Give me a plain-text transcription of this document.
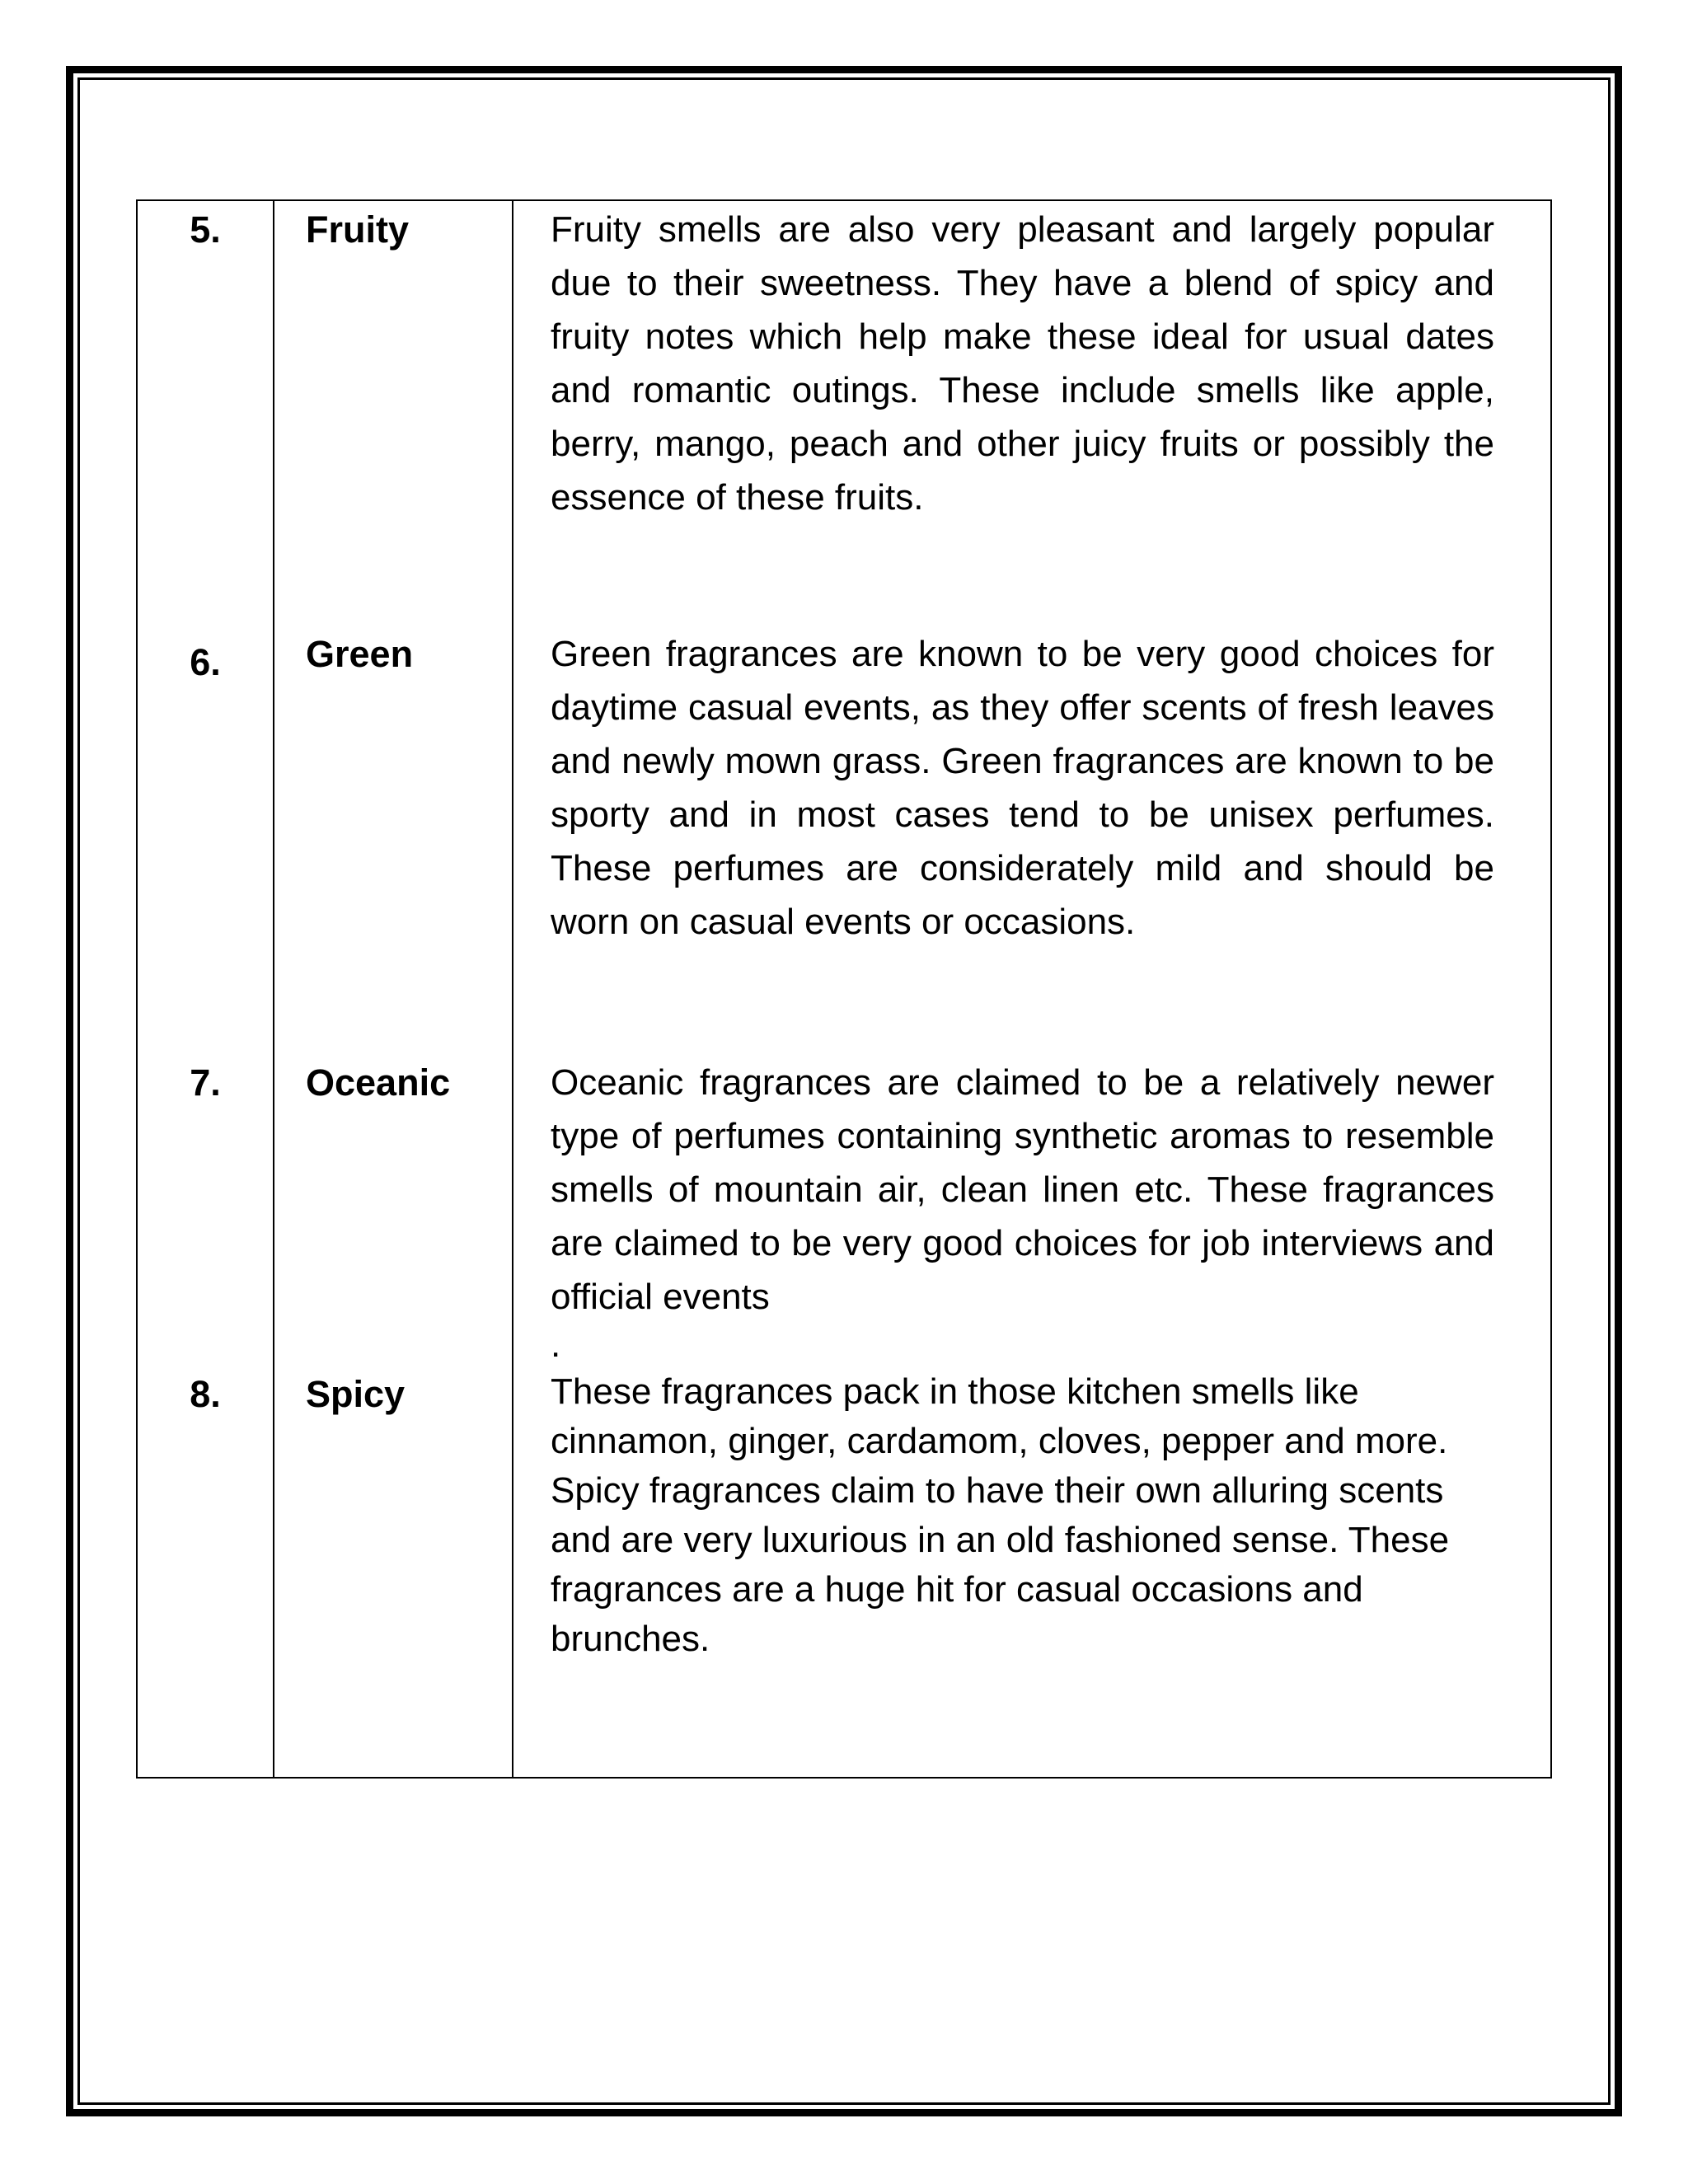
5.	Fruity	Fruity smells are also very pleasant and largely popular due to their sweetness. They have a blend of spicy and fruity notes which help make these ideal for usual dates and romantic outings. These include smells like apple, berry, mango, peach and other juicy fruits or possibly the essence of these fruits.

6.	Green	Green fragrances are known to be very good choices for daytime casual events, as they offer scents of fresh leaves and newly mown grass. Green fragrances are known to be sporty and in most cases tend to be unisex perfumes. These perfumes are considerately mild and should be worn on casual events or occasions.

7.	Oceanic	Oceanic fragrances are claimed to be a relatively newer type of perfumes containing synthetic aromas to resemble smells of mountain air, clean linen etc. These fragrances are claimed to be very good choices for job interviews and official events

.

8.	Spicy	These fragrances pack in those kitchen smells like cinnamon, ginger, cardamom, cloves, pepper and more. Spicy fragrances claim to have their own alluring scents and are very luxurious in an old fashioned sense. These fragrances are a huge hit for casual occasions and brunches.
